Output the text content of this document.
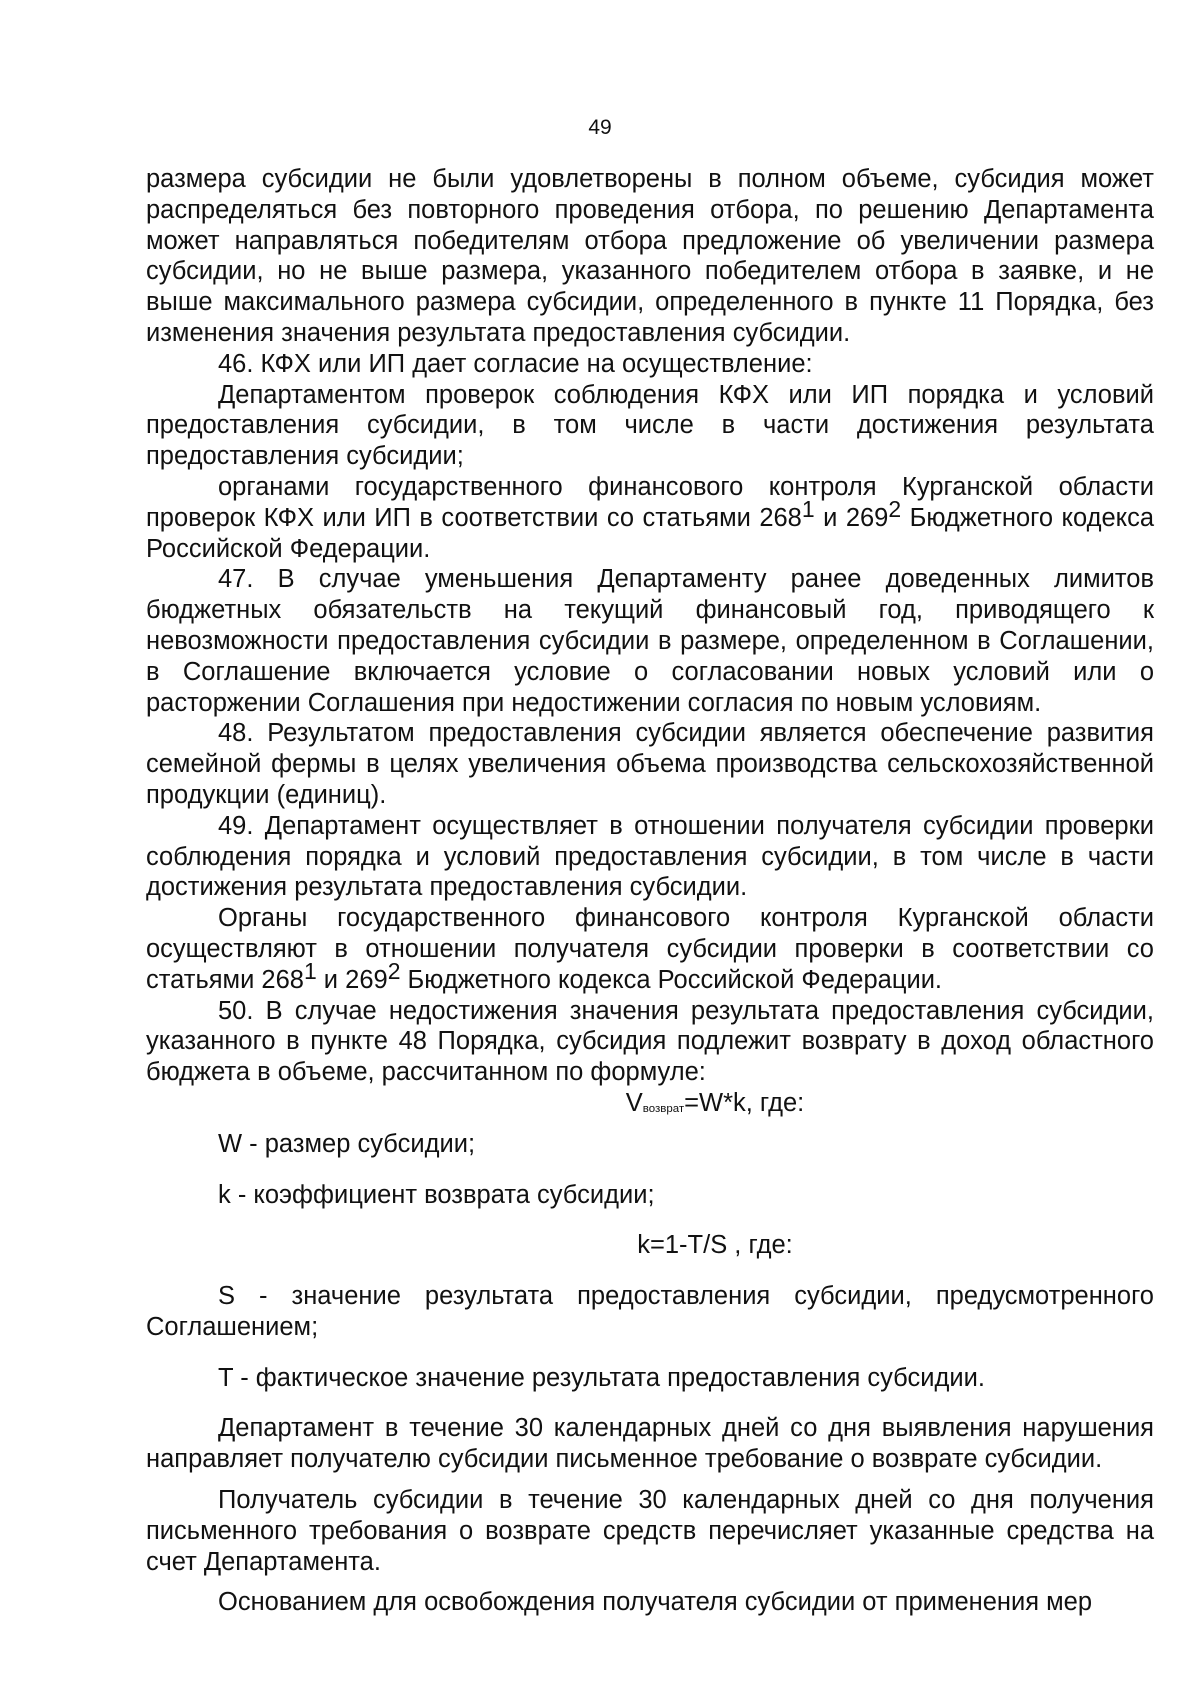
49

размера субсидии не были удовлетворены в полном объеме, субсидия может распределяться без повторного проведения отбора, по решению Департамента может направляться победителям отбора предложение об увеличении размера субсидии, но не выше размера, указанного победителем отбора в заявке, и не выше максимального размера субсидии, определенного в пункте 11 Порядка, без изменения значения результата предоставления субсидии.

46. КФХ или ИП дает согласие на осуществление:

Департаментом проверок соблюдения КФХ или ИП порядка и условий предоставления субсидии, в том числе в части достижения результата предоставления субсидии;

органами государственного финансового контроля Курганской области проверок КФХ или ИП в соответствии со статьями $268^1$ и $269^2$ Бюджетного кодекса Российской Федерации.

47. В случае уменьшения Департаменту ранее доведенных лимитов бюджетных обязательств на текущий финансовый год, приводящего к невозможности предоставления субсидии в размере, определенном в Соглашении, в Соглашение включается условие о согласовании новых условий или о расторжении Соглашения при недостижении согласия по новым условиям.

48. Результатом предоставления субсидии является обеспечение развития семейной фермы в целях увеличения объема производства сельскохозяйственной продукции (единиц).

49. Департамент осуществляет в отношении получателя субсидии проверки соблюдения порядка и условий предоставления субсидии, в том числе в части достижения результата предоставления субсидии.

Органы государственного финансового контроля Курганской области осуществляют в отношении получателя субсидии проверки в соответствии со статьями $268^1$ и $269^2$ Бюджетного кодекса Российской Федерации.

50. В случае недостижения значения результата предоставления субсидии, указанного в пункте 48 Порядка, субсидия подлежит возврату в доход областного бюджета в объеме, рассчитанном по формуле:

$V_{возврат}=W*k$, где:

W - размер субсидии;

k - коэффициент возврата субсидии;

k=1-T/S , где:

S - значение результата предоставления субсидии, предусмотренного Соглашением;

T - фактическое значение результата предоставления субсидии.

Департамент в течение 30 календарных дней со дня выявления нарушения направляет получателю субсидии письменное требование о возврате субсидии.

Получатель субсидии в течение 30 календарных дней со дня получения письменного требования о возврате средств перечисляет указанные средства на счет Департамента.

Основанием для освобождения получателя субсидии от применения мер
